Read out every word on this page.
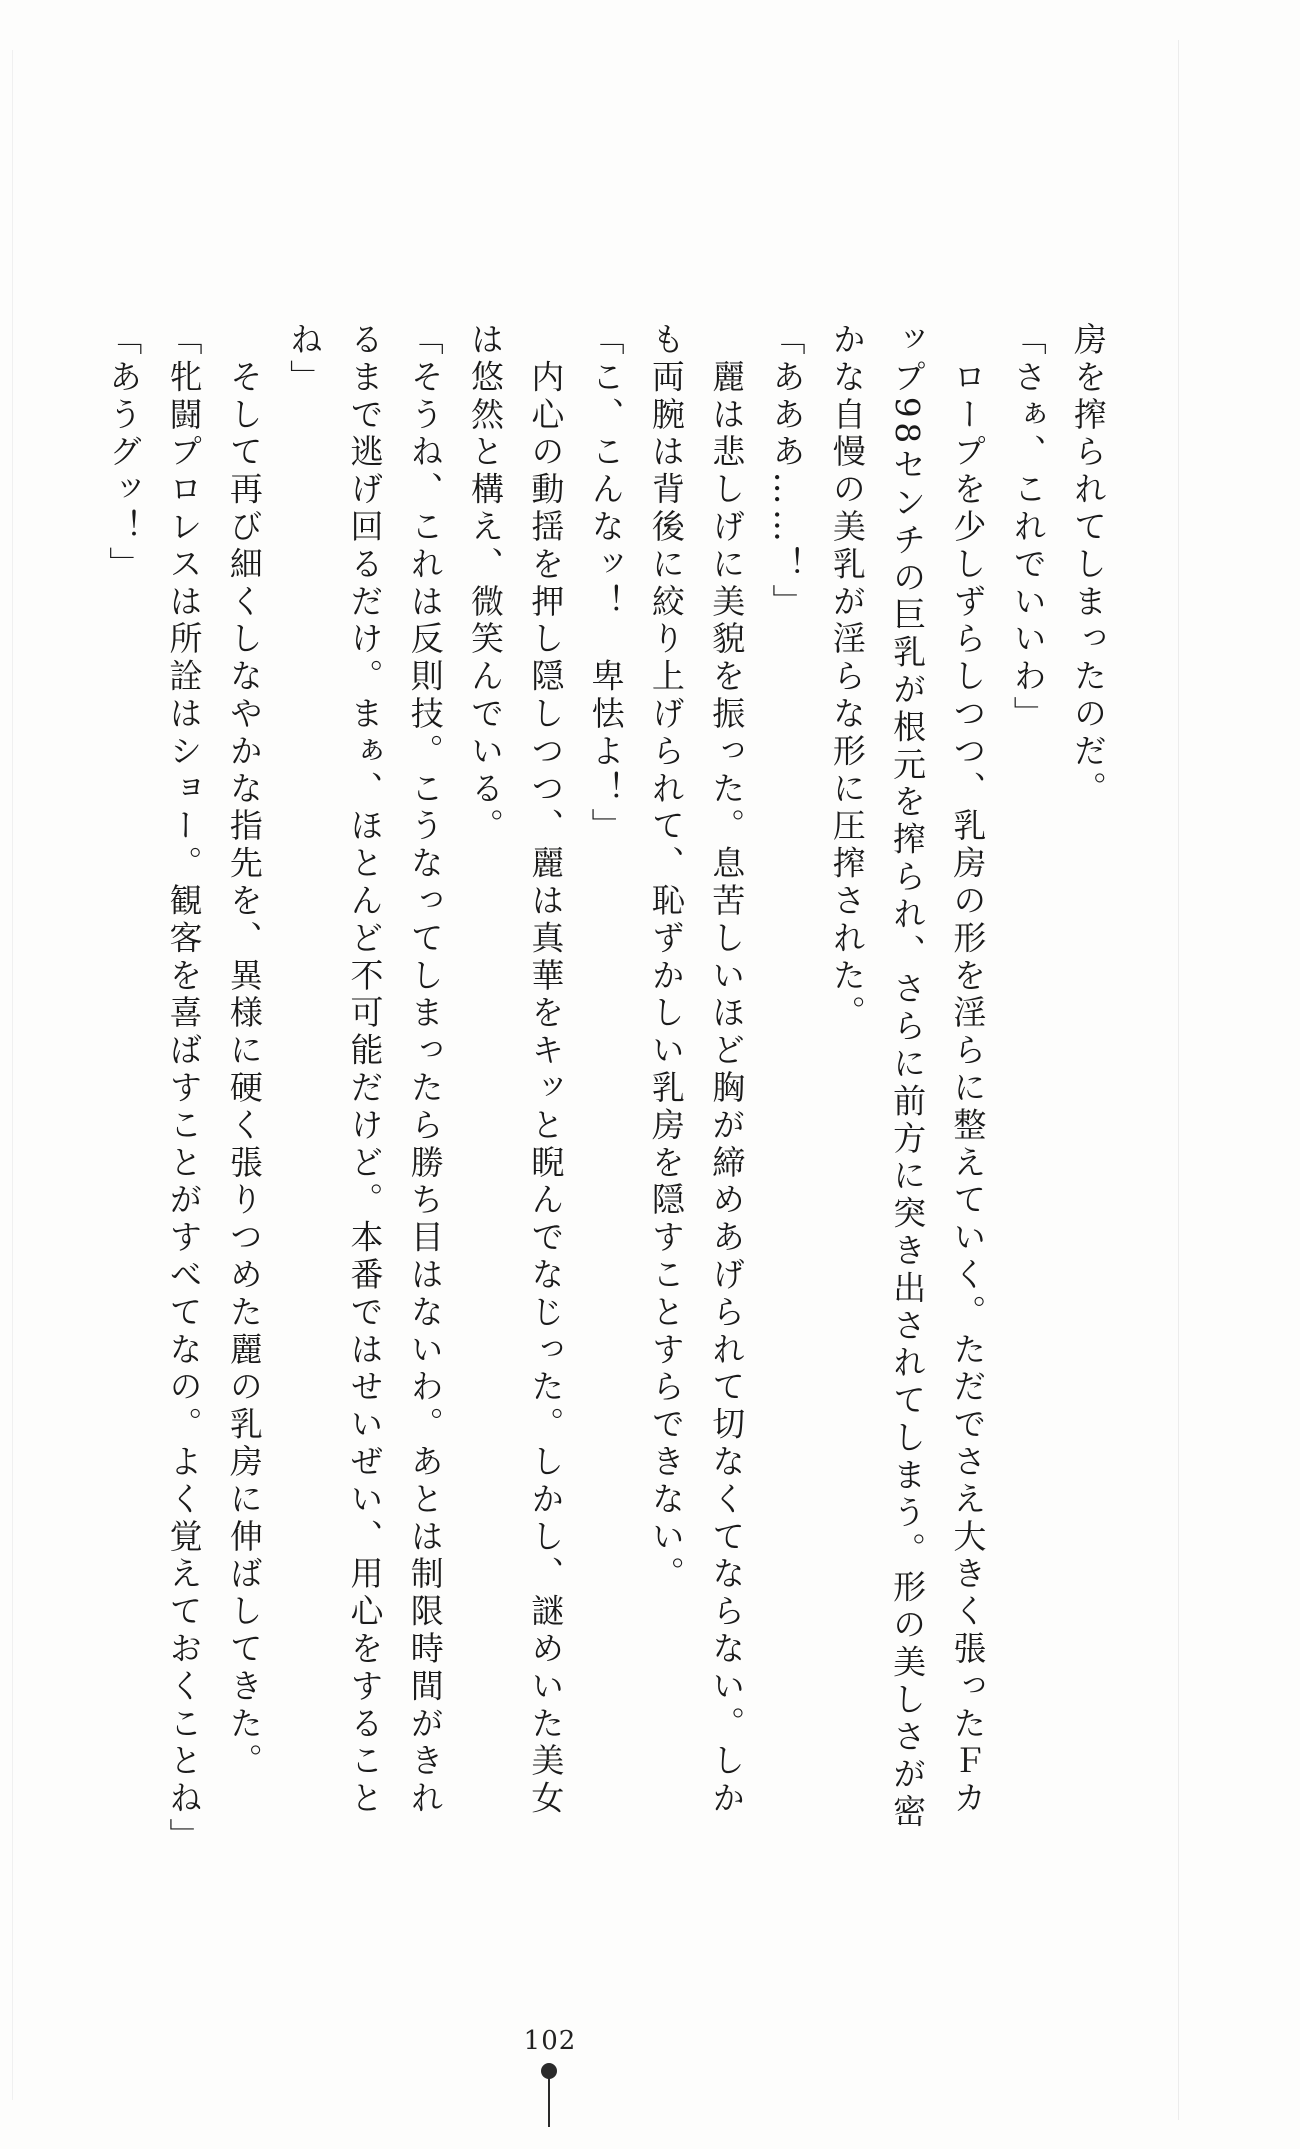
「あうグッ！」 「牝闘プロレスは所詮はショー。観客を喜ばすことがすべてなの。よく覚えておくことね」 　そして再び細くしなやかな指先を、異様に硬く張りつめた麗の乳房に伸ばしてきた。 ね」 るまで逃げ回るだけ。まぁ、ほとんど不可能だけど。本番ではせいぜい、用心をすること 「そうね、これは反則技。こうなってしまったら勝ち目はないわ。あとは制限時間がきれ は悠然と構え、微笑んでいる。 　内心の動揺を押し隠しつつ、麗は真華をキッと睨んでなじった。しかし、謎めいた美女 「こ、こんなッ！　卑怯よ！」 も両腕は背後に絞り上げられて、恥ずかしい乳房を隠すことすらできない。 　麗は悲しげに美貌を振った。息苦しいほど胸が締めあげられて切なくてならない。しか 「あああ……！」 かな自慢の美乳が淫らな形に圧搾された。 ップ98センチの巨乳が根元を搾られ、さらに前方に突き出されてしまう。形の美しさが密 　ロープを少しずらしつつ、乳房の形を淫らに整えていく。ただでさえ大きく張ったＦカ 「さぁ、これでいいわ」 房を搾られてしまったのだ。
102
